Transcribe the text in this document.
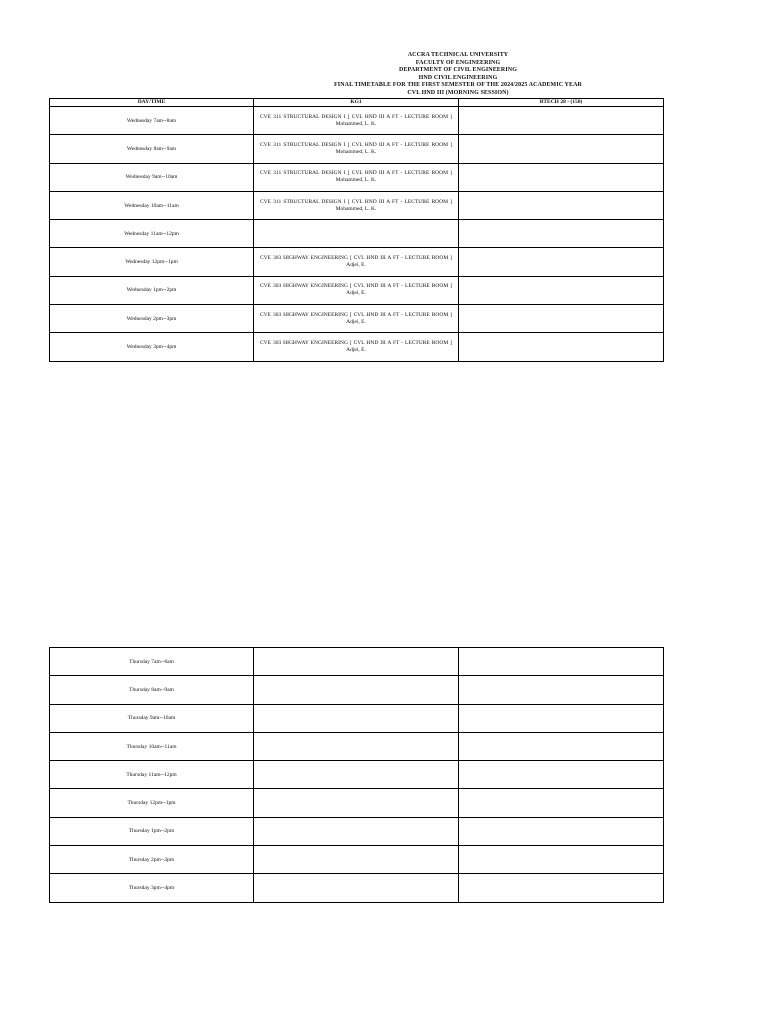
ACCRA TECHNICAL UNIVERSITY
FACULTY OF ENGINEERING
DEPARTMENT OF CIVIL ENGINEERING
HND CIVIL ENGINEERING
FINAL TIMETABLE FOR THE FIRST SEMESTER OF THE 2024/2025 ACADEMIC YEAR
CVL HND III (MORNING SESSION)
DAY/TIME	KG1	BTECH 28 - (150)
Wednesday 7am--8am	CVE 311 STRUCTURAL DESIGN I [ CVL HND III A FT - LECTURE ROOM ] Mohammed, L. K.	

Wednesday 8am--9am	CVE 311 STRUCTURAL DESIGN I [ CVL HND III A FT - LECTURE ROOM ] Mohammed, L. K.	

Wednesday 9am--10am	CVE 311 STRUCTURAL DESIGN I [ CVL HND III A FT - LECTURE ROOM ] Mohammed, L. K.	

Wednesday 10am--11am	CVE 311 STRUCTURAL DESIGN I [ CVL HND III A FT - LECTURE ROOM ] Mohammed, L. K.	

Wednesday 11am--12pm	

Wednesday 12pm--1pm	CVE 303 HIGHWAY ENGINEERING [ CVL HND III A FT - LECTURE ROOM ] Adjei, E.	

Wednesday 1pm--2pm	CVE 303 HIGHWAY ENGINEERING [ CVL HND III A FT - LECTURE ROOM ] Adjei, E.	

Wednesday 2pm--3pm	CVE 303 HIGHWAY ENGINEERING [ CVL HND III A FT - LECTURE ROOM ] Adjei, E.	

Wednesday 3pm--4pm	CVE 303 HIGHWAY ENGINEERING [ CVL HND III A FT - LECTURE ROOM ] Adjei, E.	

Thursday 7am--8am	

Thursday 8am--9am	

Thursday 9am--10am	

Thursday 10am--11am	

Thursday 11am--12pm	

Thursday 12pm--1pm	

Thursday 1pm--2pm	

Thursday 2pm--3pm	

Thursday 3pm--4pm	
